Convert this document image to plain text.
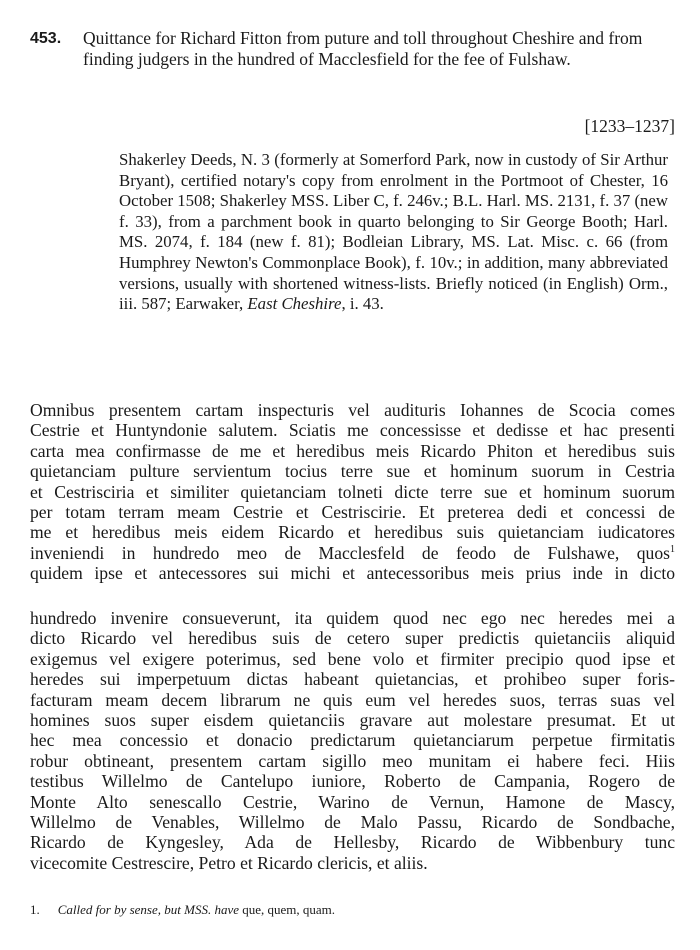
453. Quittance for Richard Fitton from puture and toll throughout Cheshire and from finding judgers in the hundred of Macclesfield for the fee of Fulshaw.
[1233–1237]
Shakerley Deeds, N. 3 (formerly at Somerford Park, now in custody of Sir Arthur Bryant), certified notary's copy from enrolment in the Portmoot of Chester, 16 October 1508; Shakerley MSS. Liber C, f. 246v.; B.L. Harl. MS. 2131, f. 37 (new f. 33), from a parchment book in quarto belonging to Sir George Booth; Harl. MS. 2074, f. 184 (new f. 81); Bodleian Library, MS. Lat. Misc. c. 66 (from Humphrey Newton's Commonplace Book), f. 10v.; in addition, many abbreviated versions, usually with shortened witness-lists. Briefly noticed (in English) Orm., iii. 587; Earwaker, East Cheshire, i. 43.
Omnibus presentem cartam inspecturis vel audituris Iohannes de Scocia comes
Cestrie et Huntyndonie salutem. Sciatis me concessisse et dedisse et hac presenti
carta mea confirmasse de me et heredibus meis Ricardo Phiton et heredibus suis
quietanciam pulture servientum tocius terre sue et hominum suorum in Cestria
et Cestrisciria et similiter quietanciam tolneti dicte terre sue et hominum suorum
per totam terram meam Cestrie et Cestriscirie. Et preterea dedi et concessi de
me et heredibus meis eidem Ricardo et heredibus suis quietanciam iudicatores
inveniendi in hundredo meo de Macclesfeld de feodo de Fulshawe, quos$^1$
quidem ipse et antecessores sui michi et antecessoribus meis prius inde in dicto
hundredo invenire consueverunt, ita quidem quod nec ego nec heredes mei a
dicto Ricardo vel heredibus suis de cetero super predictis quietanciis aliquid
exigemus vel exigere poterimus, sed bene volo et firmiter precipio quod ipse et
heredes sui imperpetuum dictas habeant quietancias, et prohibeo super foris-
facturam meam decem librarum ne quis eum vel heredes suos, terras suas vel
homines suos super eisdem quietanciis gravare aut molestare presumat. Et ut
hec mea concessio et donacio predictarum quietanciarum perpetue firmitatis
robur obtineant, presentem cartam sigillo meo munitam ei habere feci. Hiis
testibus Willelmo de Cantelupo iuniore, Roberto de Campania, Rogero de
Monte Alto senescallo Cestrie, Warino de Vernun, Hamone de Mascy,
Willelmo de Venables, Willelmo de Malo Passu, Ricardo de Sondbache,
Ricardo de Kyngesley, Ada de Hellesby, Ricardo de Wibbenbury tunc
vicecomite Cestrescire, Petro et Ricardo clericis, et aliis.
1. Called for by sense, but MSS. have que, quem, quam.
